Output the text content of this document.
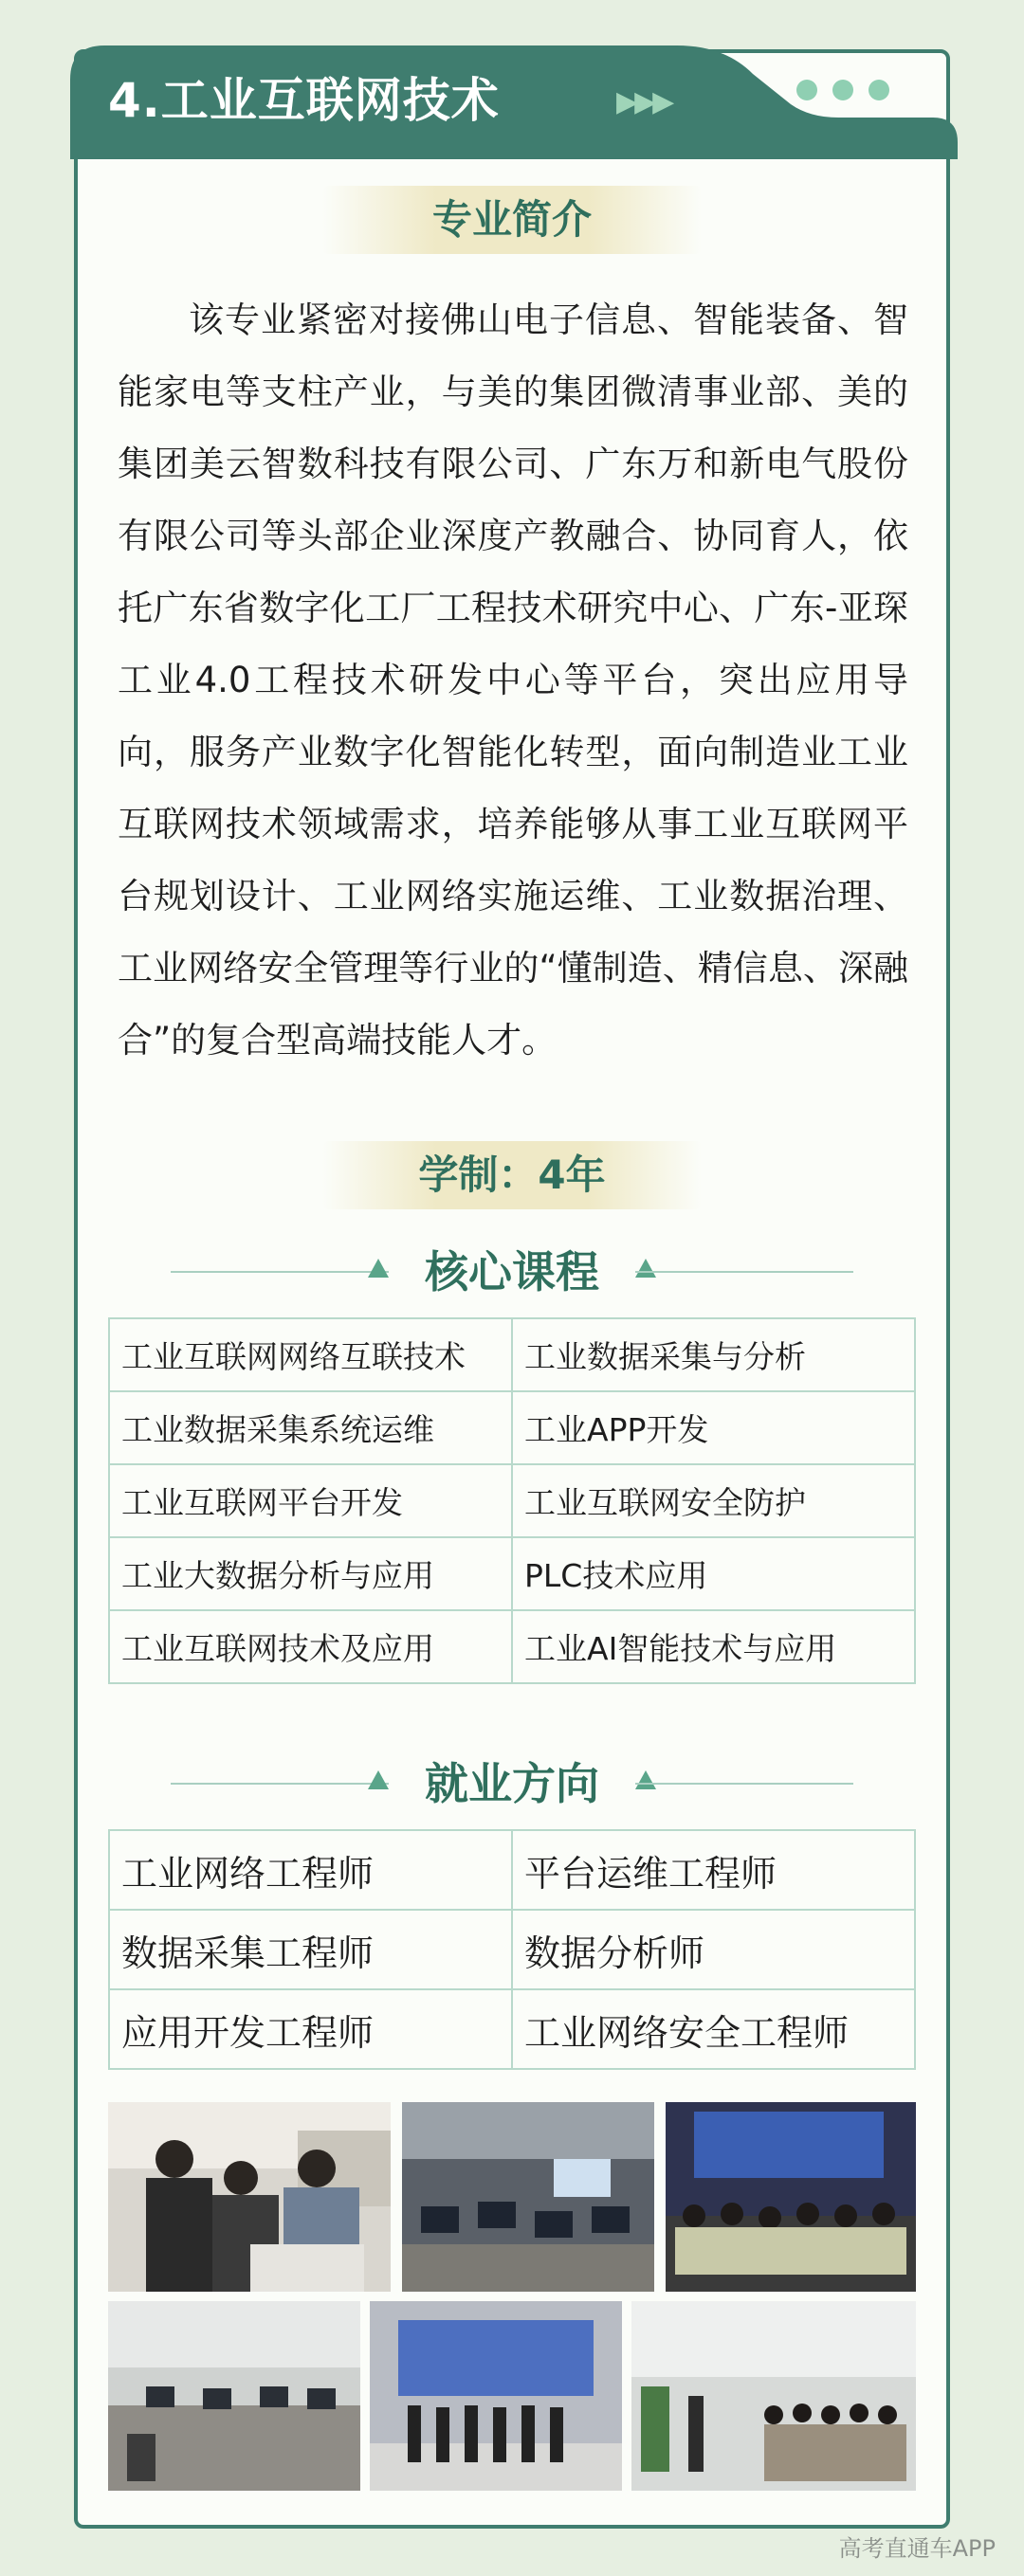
4.工业互联网技术	▶▶▶
专业简介
该专业紧密对接佛山电子信息、智能装备、智能家电等支柱产业，与美的集团微清事业部、美的集团美云智数科技有限公司、广东万和新电气股份有限公司等头部企业深度产教融合、协同育人，依托广东省数字化工厂工程技术研究中心、广东-亚琛工业4.0工程技术研发中心等平台，突出应用导向，服务产业数字化智能化转型，面向制造业工业互联网技术领域需求，培养能够从事工业互联网平台规划设计、工业网络实施运维、工业数据治理、工业网络安全管理等行业的“懂制造、精信息、深融合”的复合型高端技能人才。
学制：4年
核心课程
工业互联网网络互联技术	工业数据采集与分析
工业数据采集系统运维	工业APP开发
工业互联网平台开发	工业互联网安全防护
工业大数据分析与应用	PLC技术应用
工业互联网技术及应用	工业AI智能技术与应用
就业方向
工业网络工程师	平台运维工程师
数据采集工程师	数据分析师
应用开发工程师	工业网络安全工程师
高考直通车APP
